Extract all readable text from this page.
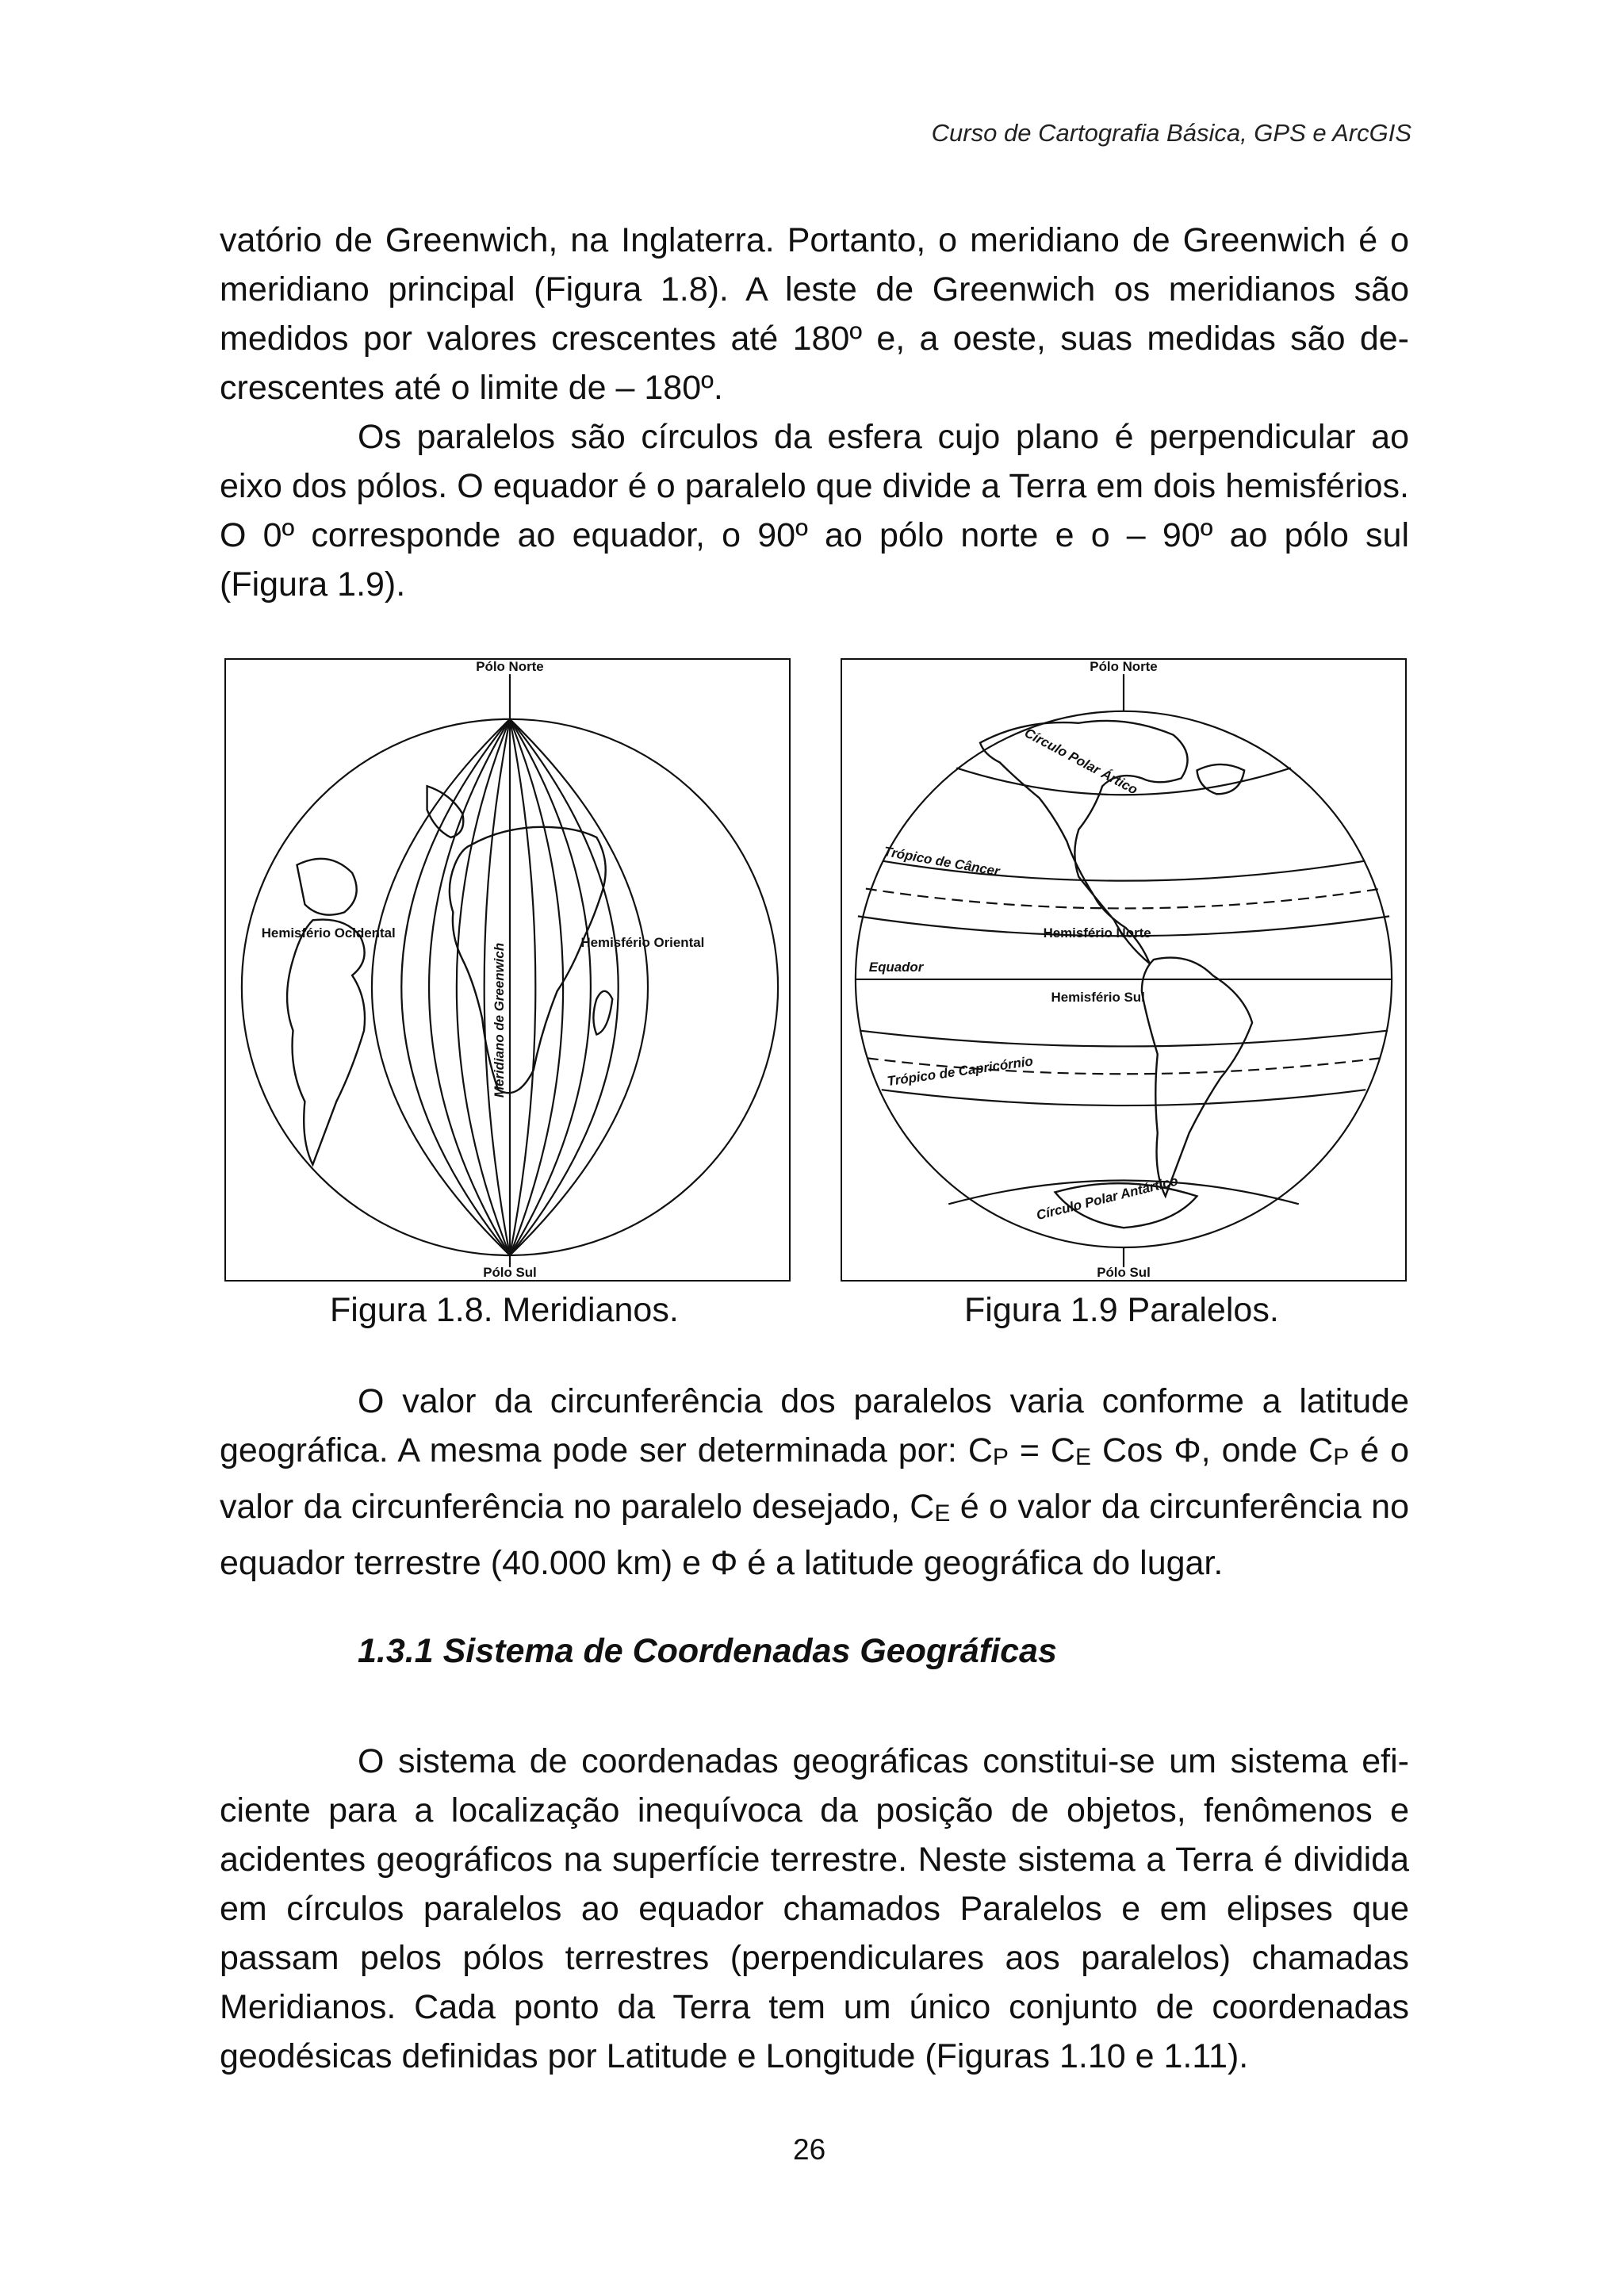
Curso de Cartografia Básica, GPS e ArcGIS

vatório de Greenwich, na Inglaterra. Portanto, o meridiano de Greenwich é o meridiano principal (Figura 1.8). A leste de Greenwich os meridianos são medidos por valores crescentes até 180º e, a oeste, suas medidas são decrescentes até o limite de – 180º.

Os paralelos são círculos da esfera cujo plano é perpendicular ao eixo dos pólos. O equador é o paralelo que divide a Terra em dois hemisférios. O 0º corresponde ao equador, o 90º ao pólo norte e o – 90º ao pólo sul (Figura 1.9).

Pólo Norte
Pólo Sul
Hemisfério Ocidental
Hemisfério Oriental
Meridiano de Greenwich
Pólo Norte
Pólo Sul
Círculo Polar Ártico
Trópico de Câncer
Equador
Hemisfério Norte
Hemisfério Sul
Trópico de Capricórnio
Círculo Polar Antártico
Figura 1.8. Meridianos.	Figura 1.9 Paralelos.

O valor da circunferência dos paralelos varia conforme a latitude geográfica. A mesma pode ser determinada por: $C_P = C_E$ Cos Φ, onde $C_P$ é o valor da circunferência no paralelo desejado, $C_E$ é o valor da circunferência no equador terrestre (40.000 km) e Φ é a latitude geográfica do lugar.

1.3.1 Sistema de Coordenadas Geográficas

O sistema de coordenadas geográficas constitui-se um sistema eficiente para a localização inequívoca da posição de objetos, fenômenos e acidentes geográficos na superfície terrestre. Neste sistema a Terra é dividida em círculos paralelos ao equador chamados Paralelos e em elipses que passam pelos pólos terrestres (perpendiculares aos paralelos) chamadas Meridianos. Cada ponto da Terra tem um único conjunto de coordenadas geodésicas definidas por Latitude e Longitude (Figuras 1.10 e 1.11).

26
